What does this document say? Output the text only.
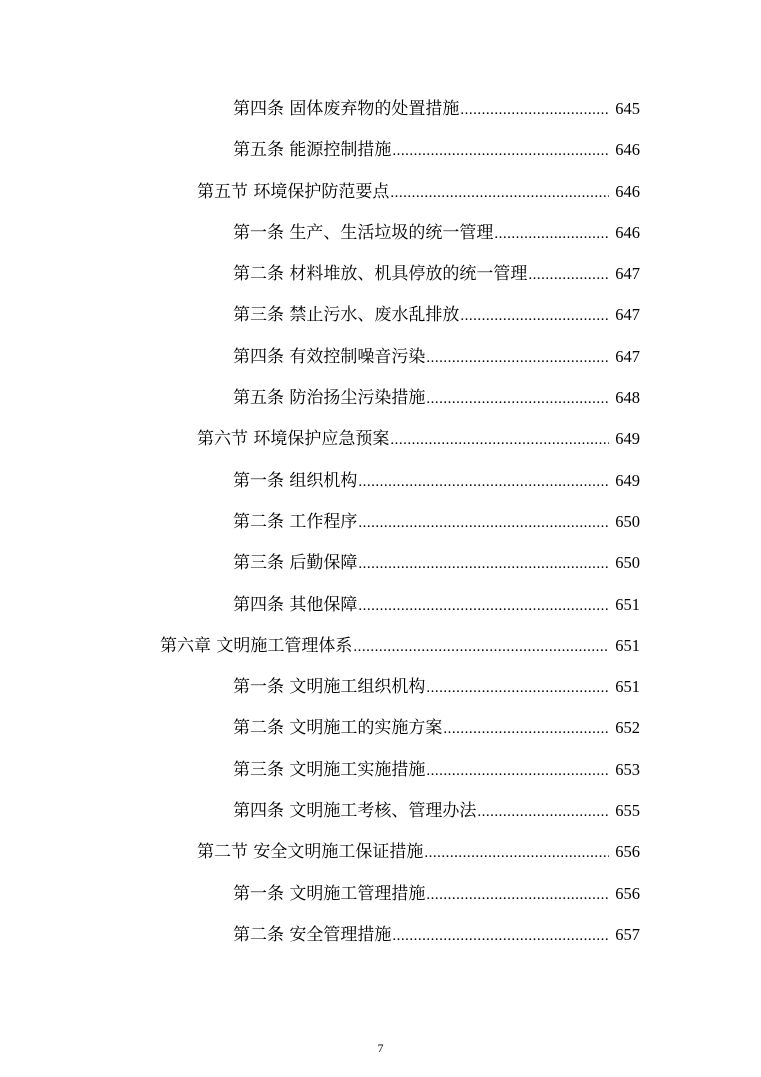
第四条 固体废弃物的处置措施 .....	645
第五条 能源控制措施 .....	646
第五节 环境保护防范要点 .....	646
第一条 生产、生活垃圾的统一管理 .....	646
第二条 材料堆放、机具停放的统一管理 .....	647
第三条 禁止污水、废水乱排放 .....	647
第四条 有效控制噪音污染 .....	647
第五条 防治扬尘污染措施 .....	648
第六节 环境保护应急预案 .....	649
第一条 组织机构 .....	649
第二条 工作程序 .....	650
第三条 后勤保障 .....	650
第四条 其他保障 .....	651
第六章 文明施工管理体系 .....	651
第一条 文明施工组织机构 .....	651
第二条 文明施工的实施方案 .....	652
第三条 文明施工实施措施 .....	653
第四条 文明施工考核、管理办法 .....	655
第二节 安全文明施工保证措施 .....	656
第一条 文明施工管理措施 .....	656
第二条 安全管理措施 .....	657
7
